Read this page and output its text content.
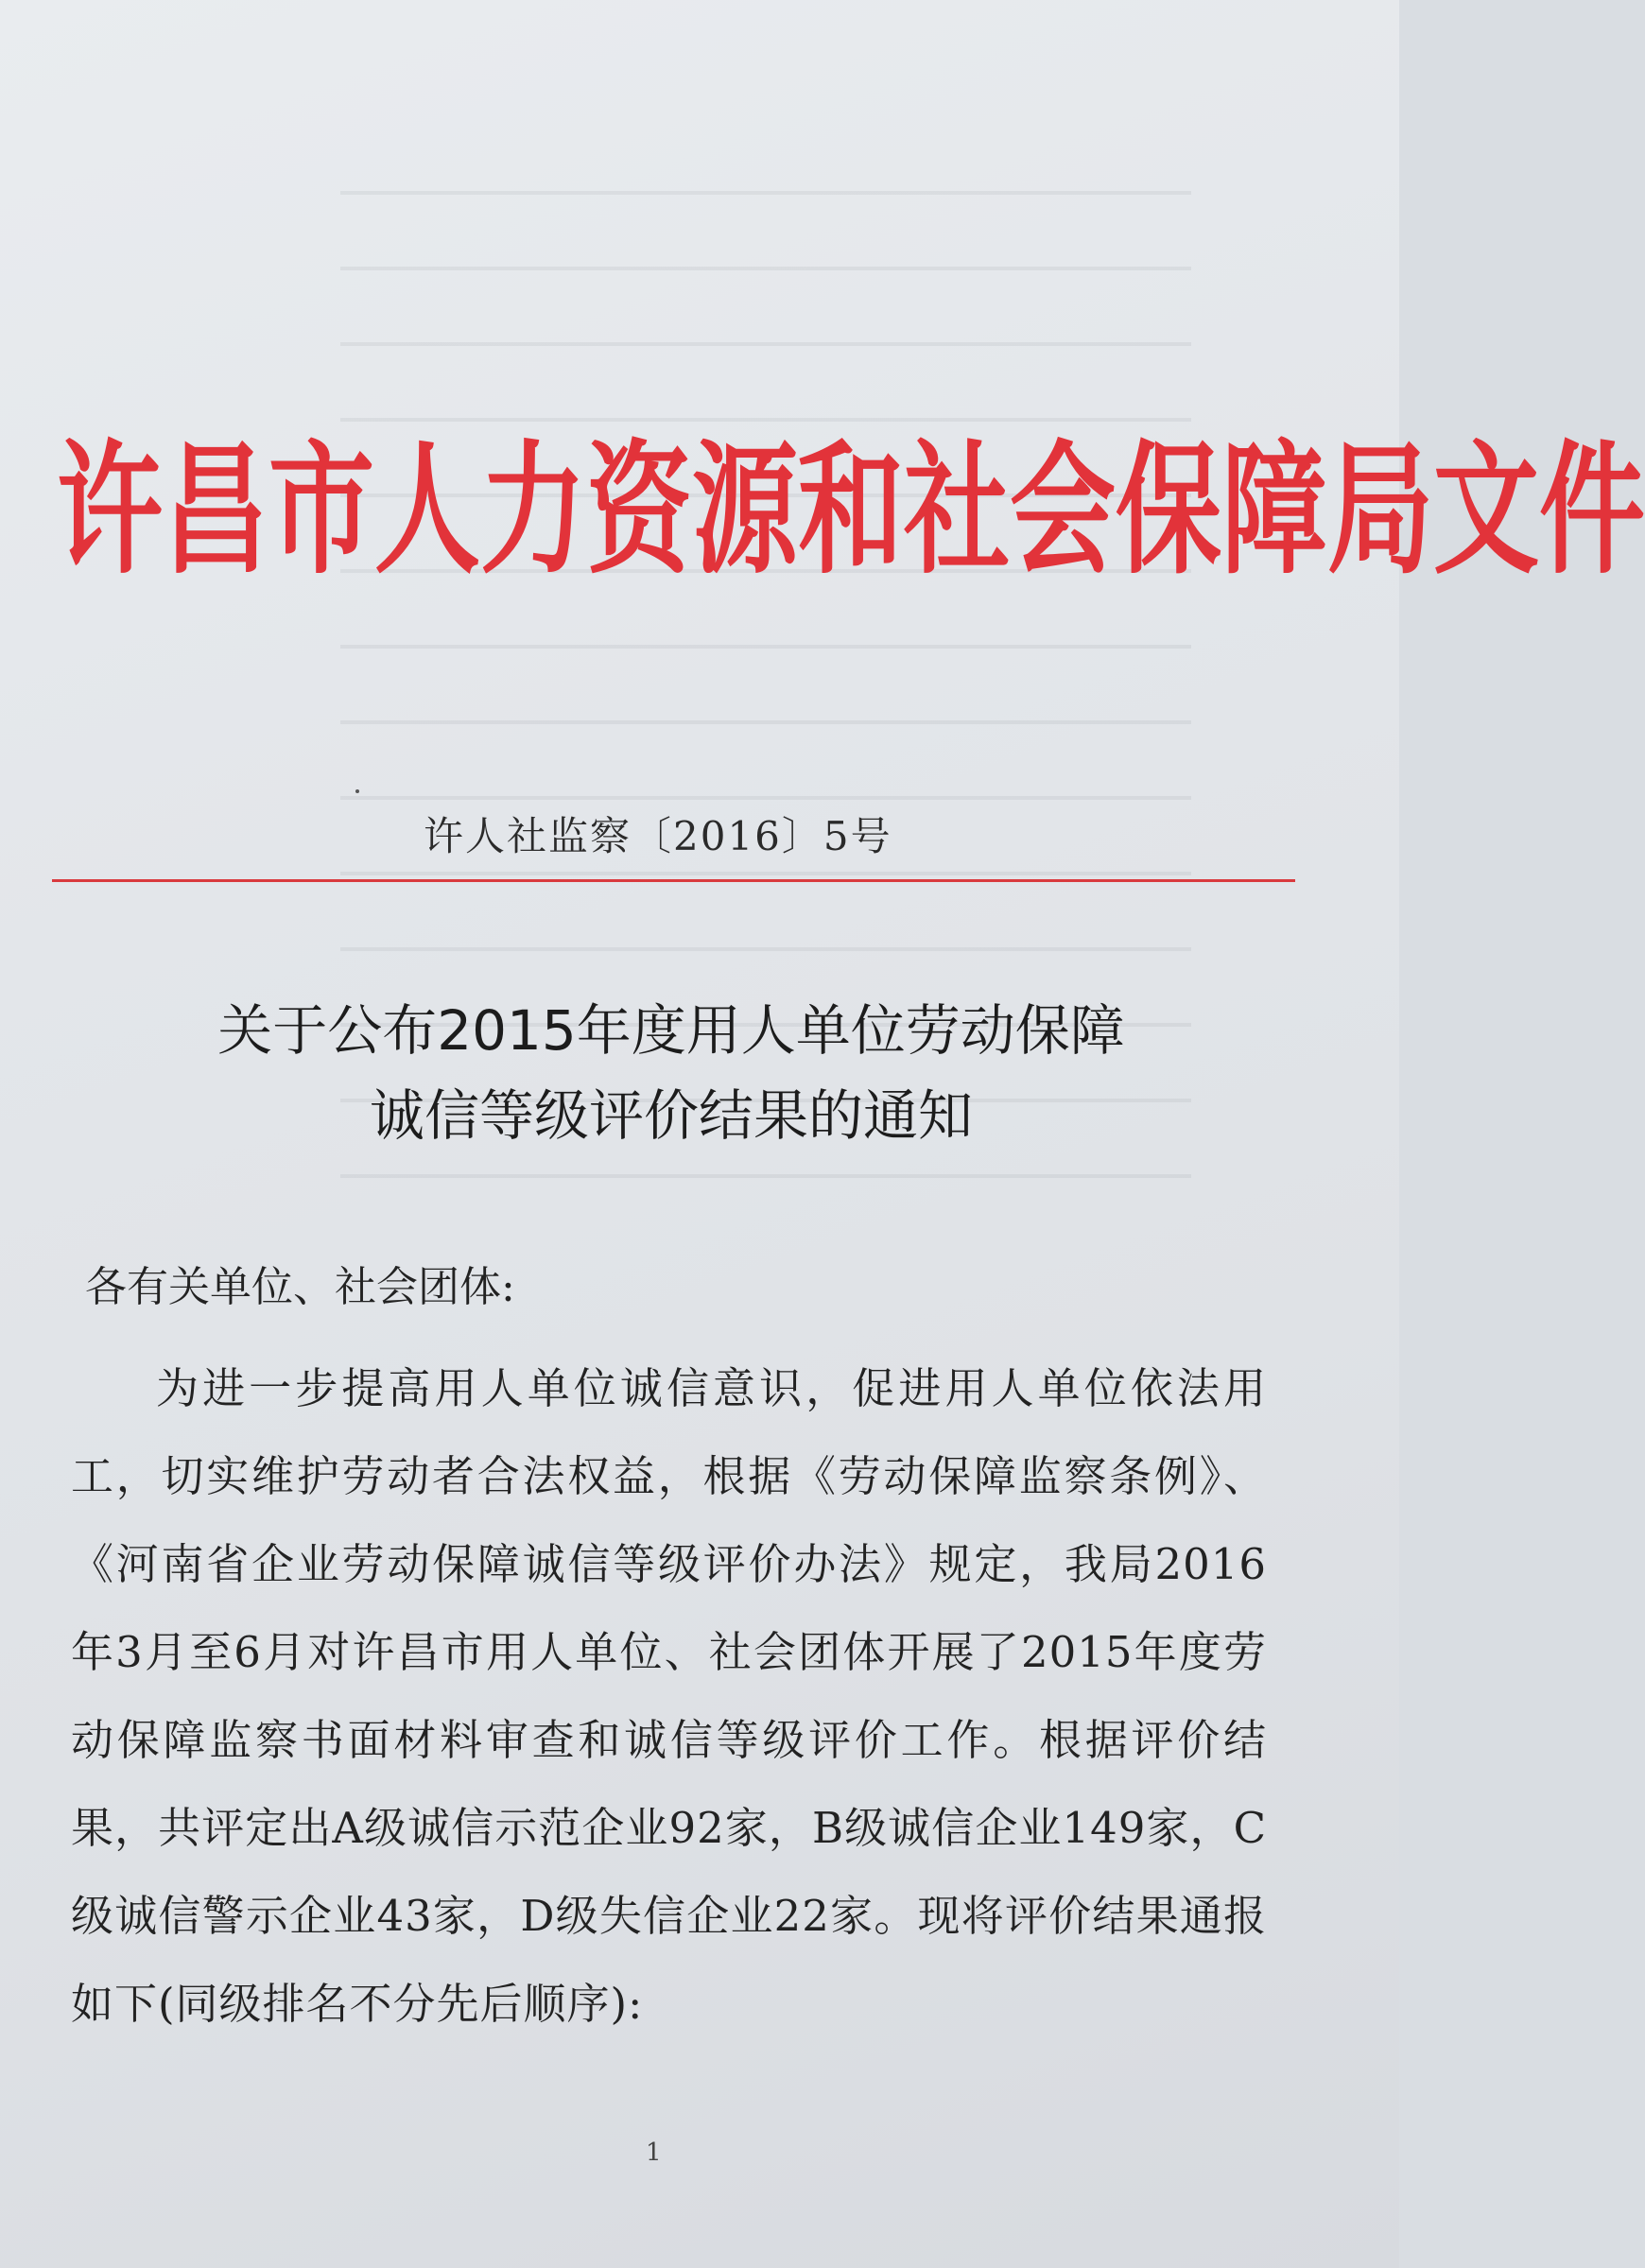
许昌市人力资源和社会保障局文件
许人社监察〔2016〕5号
关于公布2015年度用人单位劳动保障
诚信等级评价结果的通知
各有关单位、社会团体:
为进一步提高用人单位诚信意识，促进用人单位依法用工，切实维护劳动者合法权益，根据《劳动保障监察条例》、《河南省企业劳动保障诚信等级评价办法》规定，我局2016年3月至6月对许昌市用人单位、社会团体开展了2015年度劳动保障监察书面材料审查和诚信等级评价工作。根据评价结果，共评定出A级诚信示范企业92家，B级诚信企业149家，C级诚信警示企业43家，D级失信企业22家。现将评价结果通报如下(同级排名不分先后顺序):
1
